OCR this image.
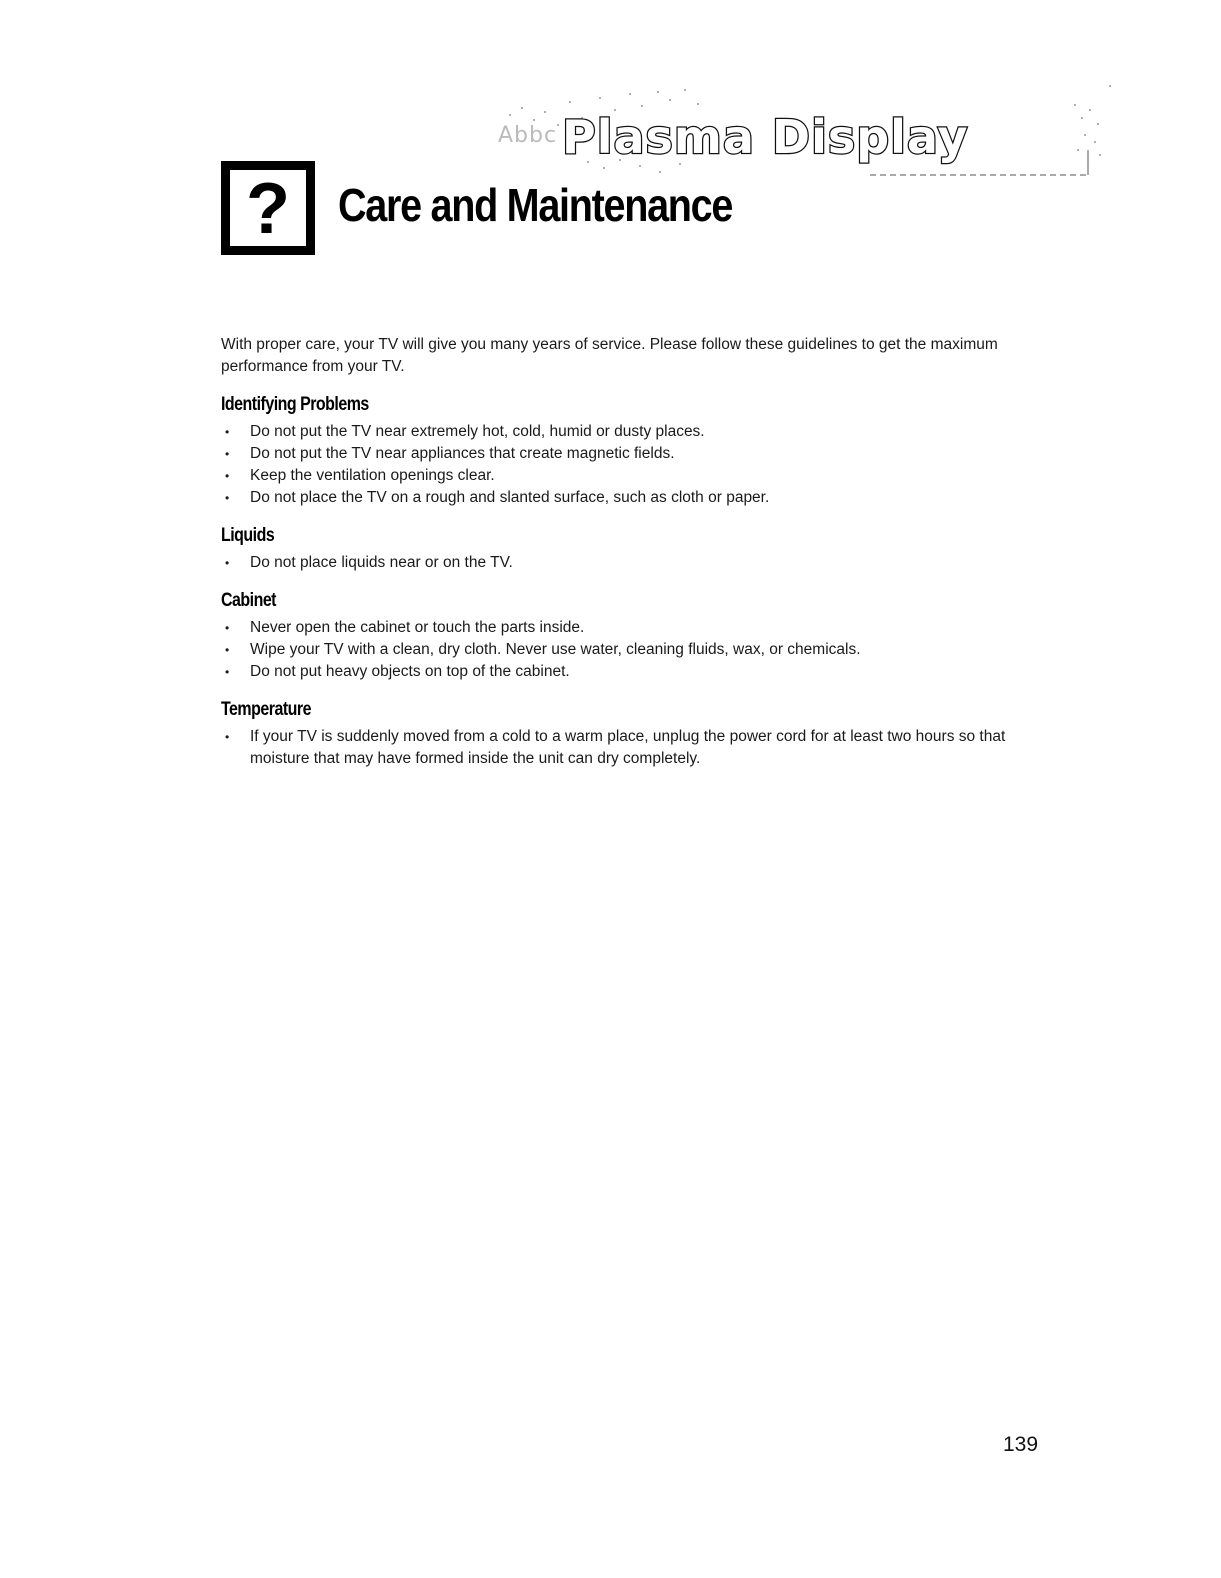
Abbc Plasma Display
?	Care and Maintenance

With proper care, your TV will give you many years of service. Please follow these guidelines to get the maximum performance from your TV.

Identifying Problems
• Do not put the TV near extremely hot, cold, humid or dusty places.
• Do not put the TV near appliances that create magnetic fields.
• Keep the ventilation openings clear.
• Do not place the TV on a rough and slanted surface, such as cloth or paper.
Liquids
• Do not place liquids near or on the TV.
Cabinet
• Never open the cabinet or touch the parts inside.
• Wipe your TV with a clean, dry cloth. Never use water, cleaning fluids, wax, or chemicals.
• Do not put heavy objects on top of the cabinet.
Temperature
• If your TV is suddenly moved from a cold to a warm place, unplug the power cord for at least two hours so that moisture that may have formed inside the unit can dry completely.
139
